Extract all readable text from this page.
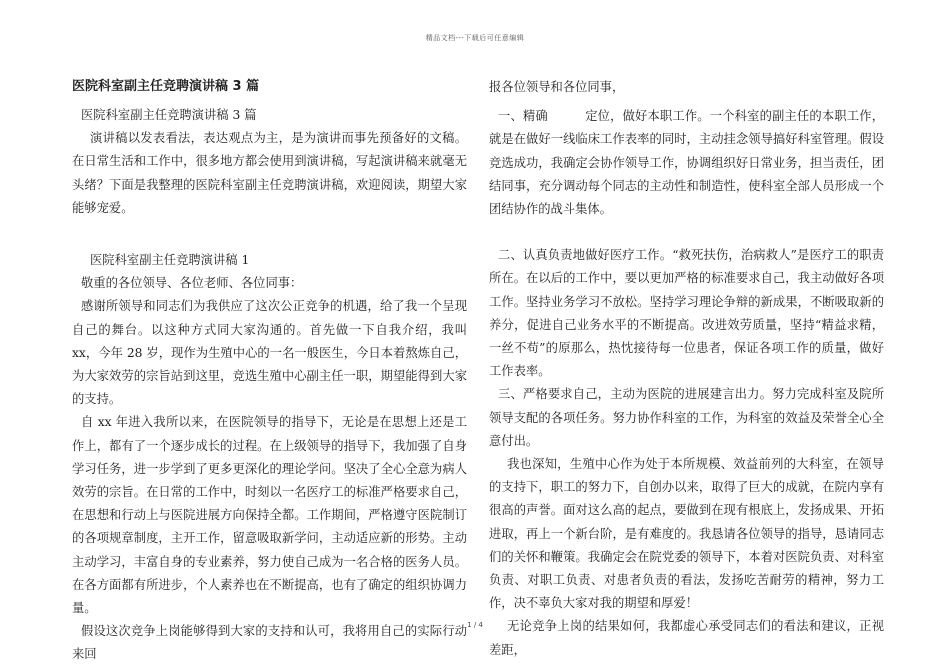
精品文档---下载后可任意编辑
医院科室副主任竞聘演讲稿 3 篇

医院科室副主任竞聘演讲稿 3 篇

演讲稿以发表看法，表达观点为主，是为演讲而事先预备好的文稿。在日常生活和工作中，很多地方都会使用到演讲稿，写起演讲稿来就毫无头绪？下面是我整理的医院科室副主任竞聘演讲稿，欢迎阅读，期望大家能够宠爱。

医院科室副主任竞聘演讲稿 1

敬重的各位领导、各位老师、各位同事：

感谢所领导和同志们为我供应了这次公正竞争的机遇，给了我一个呈现自己的舞台。以这种方式同大家沟通的。首先做一下自我介绍，我叫 xx，今年 28 岁，现作为生殖中心的一名一般医生，今日本着熬炼自己，为大家效劳的宗旨站到这里，竞选生殖中心副主任一职，期望能得到大家的支持。

自 xx 年进入我所以来，在医院领导的指导下，无论是在思想上还是工作上，都有了一个逐步成长的过程。在上级领导的指导下，我加强了自身学习任务，进一步学到了更多更深化的理论学问。坚决了全心全意为病人效劳的宗旨。在日常的工作中，时刻以一名医疗工的标准严格要求自己，在思想和行动上与医院进展方向保持全都。工作期间，严格遵守医院制订的各项规章制度，主开工作，留意吸取新学问，主动适应新的形势。主动主动学习，丰富自身的专业素养，努力使自己成为一名合格的医务人员。在各方面都有所进步，个人素养也在不断提高，也有了确定的组织协调力量。

假设这次竞争上岗能够得到大家的支持和认可，我将用自己的实际行动来回

报各位领导和各位同事，

一、精确　　　定位，做好本职工作。一个科室的副主任的本职工作，就是在做好一线临床工作表率的同时，主动挂念领导搞好科室管理。假设竞选成功，我确定会协作领导工作，协调组织好日常业务，担当责任，团结同事，充分调动每个同志的主动性和制造性，使科室全部人员形成一个团结协作的战斗集体。

二、认真负责地做好医疗工作。“救死扶伤，治病救人”是医疗工的职责所在。在以后的工作中，要以更加严格的标准要求自己，我主动做好各项工作。坚持业务学习不放松。坚持学习理论争辩的新成果，不断吸取新的养分，促进自己业务水平的不断提高。改进效劳质量，坚持“精益求精，一丝不苟”的原那么，热忱接待每一位患者，保证各项工作的质量，做好工作表率。

三、严格要求自己，主动为医院的进展建言出力。努力完成科室及院所领导支配的各项任务。努力协作科室的工作，为科室的效益及荣誉全心全意付出。

我也深知，生殖中心作为处于本所规模、效益前列的大科室，在领导的支持下，职工的努力下，自创办以来，取得了巨大的成就，在院内享有很高的声誉。面对这么高的起点，要做到在现有根底上，发扬成果、开拓进取，再上一个新台阶，是有难度的。我恳请各位领导的指导，恳请同志们的关怀和鞭策。我确定会在院党委的领导下，本着对医院负责、对科室负责、对职工负责、对患者负责的看法，发扬吃苦耐劳的精神，努力工作，决不辜负大家对我的期望和厚爱！

无论竞争上岗的结果如何，我都虚心承受同志们的看法和建议，正视差距，

1 / 4
